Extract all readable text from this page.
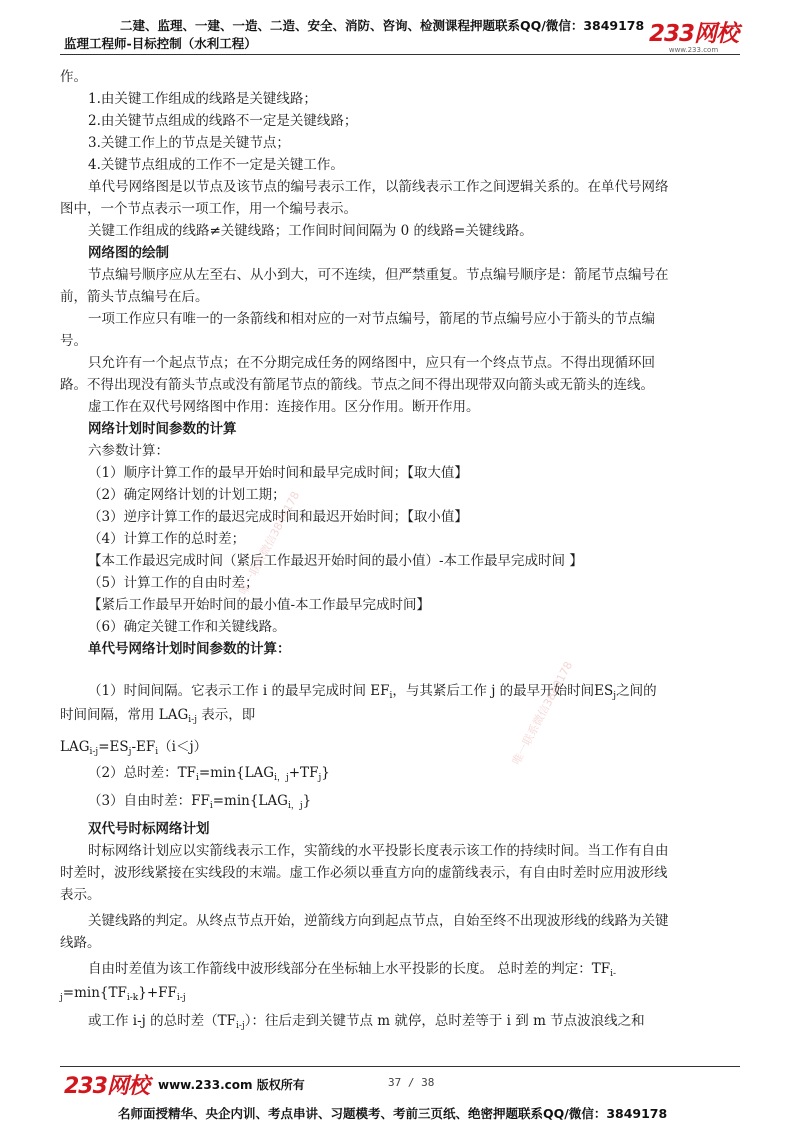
二建、监理、一建、一造、二造、安全、消防、咨询、检测课程押题联系QQ/微信：3849178
监理工程师-目标控制（水利工程）	233网校
www.233.com
作。
1.由关键工作组成的线路是关键线路；
2.由关键节点组成的线路不一定是关键线路；
3.关键工作上的节点是关键节点；
4.关键节点组成的工作不一定是关键工作。
单代号网络图是以节点及该节点的编号表示工作，以箭线表示工作之间逻辑关系的。在单代号网络
图中，一个节点表示一项工作，用一个编号表示。
关键工作组成的线路≠关键线路；工作间时间间隔为 0 的线路=关键线路。
网络图的绘制
节点编号顺序应从左至右、从小到大，可不连续，但严禁重复。节点编号顺序是：箭尾节点编号在
前，箭头节点编号在后。
一项工作应只有唯一的一条箭线和相对应的一对节点编号，箭尾的节点编号应小于箭头的节点编
号。
只允许有一个起点节点；在不分期完成任务的网络图中，应只有一个终点节点。不得出现循环回
路。不得出现没有箭头节点或没有箭尾节点的箭线。节点之间不得出现带双向箭头或无箭头的连线。
虚工作在双代号网络图中作用：连接作用。区分作用。断开作用。
网络计划时间参数的计算
六参数计算：
（1）顺序计算工作的最早开始时间和最早完成时间；【取大值】
（2）确定网络计划的计划工期；
（3）逆序计算工作的最迟完成时间和最迟开始时间；【取小值】
（4）计算工作的总时差；
【本工作最迟完成时间（紧后工作最迟开始时间的最小值）-本工作最早完成时间 】
（5）计算工作的自由时差；
【紧后工作最早开始时间的最小值-本工作最早完成时间】
（6）确定关键工作和关键线路。
单代号网络计划时间参数的计算：
（1）时间间隔。它表示工作 i 的最早完成时间 $EF_i$，与其紧后工作 j 的最早开始时间$ES_j$之间的
时间间隔，常用 $LAG_{i-j}$ 表示，即
$LAG_{i-j}=ES_j-EF_i(i<j)$
（2）总时差：$TF_i=\min\{LAG_{i,j}+TF_j\}$
（3）自由时差：$FF_i=\min\{LAG_{i,j}\}$
双代号时标网络计划
时标网络计划应以实箭线表示工作，实箭线的水平投影长度表示该工作的持续时间。当工作有自由
时差时，波形线紧接在实线段的末端。虚工作必须以垂直方向的虚箭线表示，有自由时差时应用波形线
表示。
关键线路的判定。从终点节点开始，逆箭线方向到起点节点，自始至终不出现波形线的线路为关键
线路。
自由时差值为该工作箭线中波形线部分在坐标轴上水平投影的长度。 总时差的判定：$TF_{i-}$
$_j=\min\{TF_{i-k}\}+FF_{i-j}$
或工作 i-j 的总时差$(TF_{i-j})$：往后走到关键节点 m 就停，总时差等于 i 到 m 节点波浪线之和
唯一联系微信3849178
唯一联系微信3849178
233网校 www.233.com 版权所有	37 / 38
名师面授精华、央企内训、考点串讲、习题模考、考前三页纸、绝密押题联系QQ/微信：3849178
